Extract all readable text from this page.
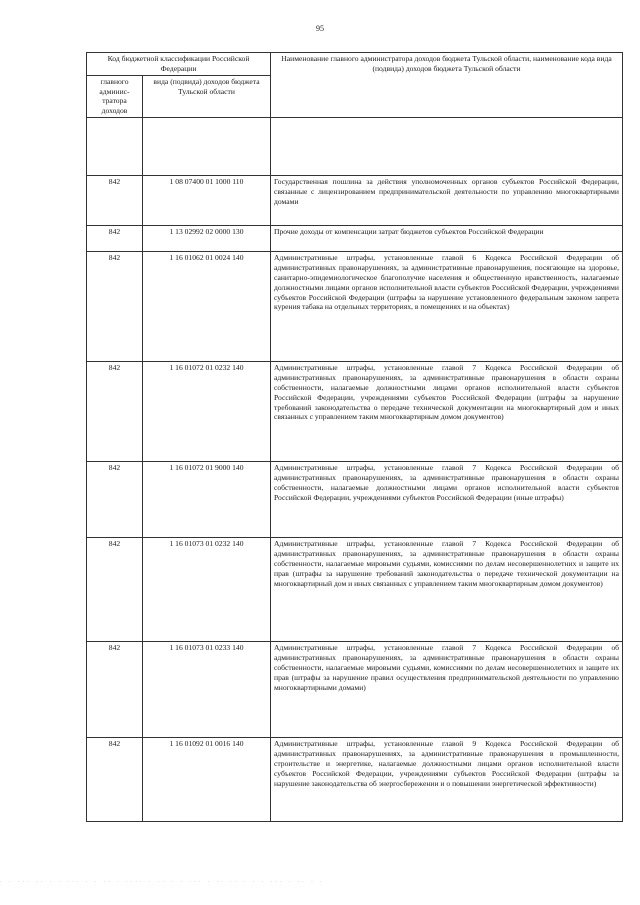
95
Код бюджетной классификации Российской Федерации		Наименование главного администратора доходов бюджета Тульской области, наименование кода вида (подвида) доходов бюджета Тульской области
главного админис-тратора доходов	вида (подвида) доходов бюджета Тульской области	

842	1 08 07400 01 1000 110	Государственная пошлина за действия уполномоченных органов субъектов Российской Федерации, связанные с лицензированием предпринимательской деятельности по управлению многоквартирными домами
842	1 13 02992 02 0000 130	Прочие доходы от компенсации затрат бюджетов субъектов Российской Федерации
842	1 16 01062 01 0024 140	Административные штрафы, установленные главой 6 Кодекса Российской Федерации об административных правонарушениях, за административные правонарушения, посягающие на здоровье, санитарно-эпидемиологическое благополучие населения и общественную нравственность, налагаемые должностными лицами органов исполнительной власти субъектов Российской Федерации, учреждениями субъектов Российской Федерации (штрафы за нарушение установленного федеральным законом запрета курения табака на отдельных территориях, в помещениях и на объектах)
842	1 16 01072 01 0232 140	Административные штрафы, установленные главой 7 Кодекса Российской Федерации об административных правонарушениях, за административные правонарушения в области охраны собственности, налагаемые должностными лицами органов исполнительной власти субъектов Российской Федерации, учреждениями субъектов Российской Федерации (штрафы за нарушение требований законодательства о передаче технической документации на многоквартирный дом и иных связанных с управлением таким многоквартирным домом документов)
842	1 16 01072 01 9000 140	Административные штрафы, установленные главой 7 Кодекса Российской Федерации об административных правонарушениях, за административные правонарушения в области охраны собственности, налагаемые должностными лицами органов исполнительной власти субъектов Российской Федерации, учреждениями субъектов Российской Федерации (иные штрафы)
842	1 16 01073 01 0232 140	Административные штрафы, установленные главой 7 Кодекса Российской Федерации об административных правонарушениях, за административные правонарушения в области охраны собственности, налагаемые мировыми судьями, комиссиями по делам несовершеннолетних и защите их прав (штрафы за нарушение требований законодательства о передаче технической документации на многоквартирный дом и иных связанных с управлением таким многоквартирным домом документов)
842	1 16 01073 01 0233 140	Административные штрафы, установленные главой 7 Кодекса Российской Федерации об административных правонарушениях, за административные правонарушения в области охраны собственности, налагаемые мировыми судьями, комиссиями по делам несовершеннолетних и защите их прав (штрафы за нарушение правил осуществления предпринимательской деятельности по управлению многоквартирными домами)
842	1 16 01092 01 0016 140	Административные штрафы, установленные главой 9 Кодекса Российской Федерации об административных правонарушениях, за административные правонарушения в промышленности, строительстве и энергетике, налагаемые должностными лицами органов исполнительной власти субъектов Российской Федерации, учреждениями субъектов Российской Федерации (штрафы за нарушение законодательства об энергосбережении и о повышении энергетической эффективности)
· · ··· ·· · · ··· · · ·· · ···· · ·· · · ··· · ·· ·· · · · ··· · ·· · ·
